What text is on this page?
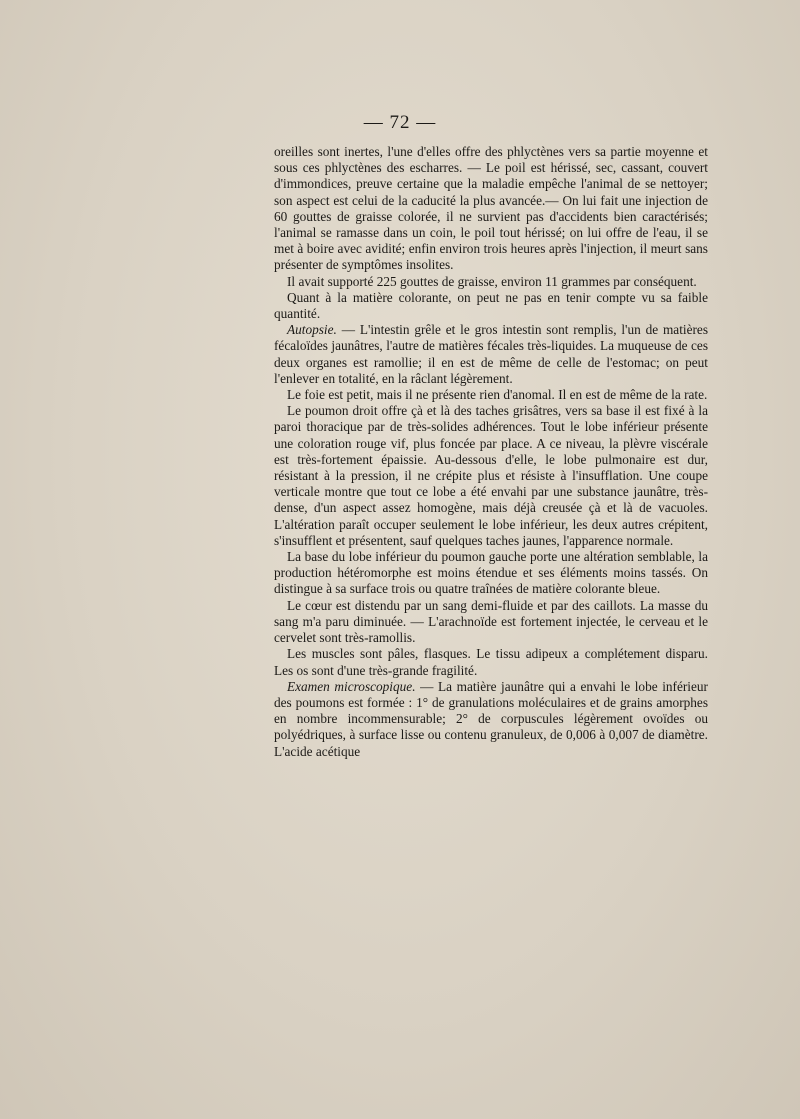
— 72 —

oreilles sont inertes, l'une d'elles offre des phlyctènes vers sa partie moyenne et sous ces phlyctènes des escharres. — Le poil est hérissé, sec, cassant, couvert d'immondices, preuve certaine que la maladie empêche l'animal de se nettoyer; son aspect est celui de la caducité la plus avancée.— On lui fait une injection de 60 gouttes de graisse colorée, il ne survient pas d'accidents bien caractérisés; l'animal se ramasse dans un coin, le poil tout hérissé; on lui offre de l'eau, il se met à boire avec avidité; enfin environ trois heures après l'injection, il meurt sans présenter de symptômes insolites.

Il avait supporté 225 gouttes de graisse, environ 11 grammes par conséquent.

Quant à la matière colorante, on peut ne pas en tenir compte vu sa faible quantité.

Autopsie. — L'intestin grêle et le gros intestin sont remplis, l'un de matières fécaloïdes jaunâtres, l'autre de matières fécales très-liquides. La muqueuse de ces deux organes est ramollie; il en est de même de celle de l'estomac; on peut l'enlever en totalité, en la râclant légèrement.

Le foie est petit, mais il ne présente rien d'anomal. Il en est de même de la rate.

Le poumon droit offre çà et là des taches grisâtres, vers sa base il est fixé à la paroi thoracique par de très-solides adhérences. Tout le lobe inférieur présente une coloration rouge vif, plus foncée par place. A ce niveau, la plèvre viscérale est très-fortement épaissie. Au-dessous d'elle, le lobe pulmonaire est dur, résistant à la pression, il ne crépite plus et résiste à l'insufflation. Une coupe verticale montre que tout ce lobe a été envahi par une substance jaunâtre, très-dense, d'un aspect assez homogène, mais déjà creusée çà et là de vacuoles. L'altération paraît occuper seulement le lobe inférieur, les deux autres crépitent, s'insufflent et présentent, sauf quelques taches jaunes, l'apparence normale.

La base du lobe inférieur du poumon gauche porte une altération semblable, la production hétéromorphe est moins étendue et ses éléments moins tassés. On distingue à sa surface trois ou quatre traînées de matière colorante bleue.

Le cœur est distendu par un sang demi-fluide et par des caillots. La masse du sang m'a paru diminuée. — L'arachnoïde est fortement injectée, le cerveau et le cervelet sont très-ramollis.

Les muscles sont pâles, flasques. Le tissu adipeux a complétement disparu. Les os sont d'une très-grande fragilité.

Examen microscopique. — La matière jaunâtre qui a envahi le lobe inférieur des poumons est formée : 1° de granulations moléculaires et de grains amorphes en nombre incommensurable; 2° de corpuscules légèrement ovoïdes ou polyédriques, à surface lisse ou contenu granuleux, de 0,006 à 0,007 de diamètre. L'acide acétique
